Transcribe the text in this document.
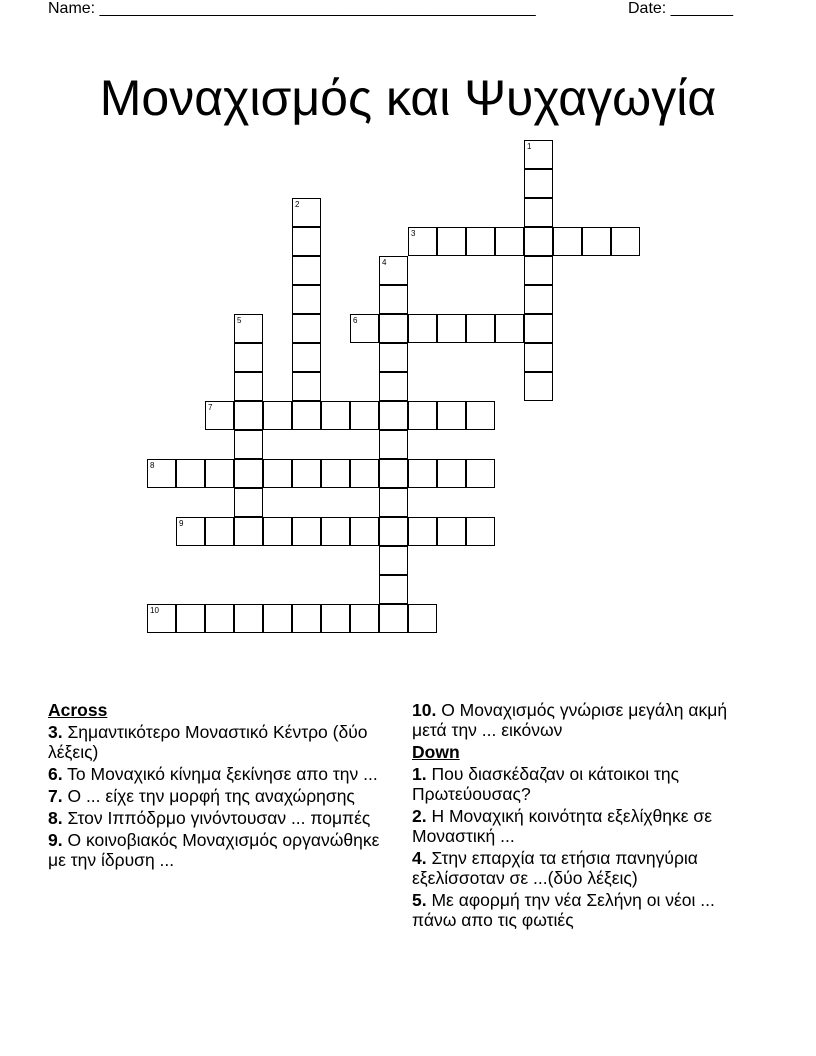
Name: _________________________________________________	Date: _______
Μοναχισμός και Ψυχαγωγία
1
2
3
4
5	6
7
8
9
10
Across
3. Σημαντικότερο Μοναστικό Κέντρο (δύο λέξεις)
6. Το Μοναχικό κίνημα ξεκίνησε απο την ...
7. Ο ... είχε την μορφή της αναχώρησης
8. Στον Ιππόδρμο γινόντουσαν ... πομπές
9. Ο κοινοβιακός Μοναχισμός οργανώθηκε με την ίδρυση ...
10. Ο Μοναχισμός γνώρισε μεγάλη ακμή μετά την ... εικόνων
Down
1. Που διασκέδαζαν οι κάτοικοι της Πρωτεύουσας?
2. Η Μοναχική κοινότητα εξελίχθηκε σε Μοναστική ...
4. Στην επαρχία τα ετήσια πανηγύρια εξελίσσοταν σε ...(δύο λέξεις)
5. Με αφορμή την νέα Σελήνη οι νέοι ... πάνω απο τις φωτιές
